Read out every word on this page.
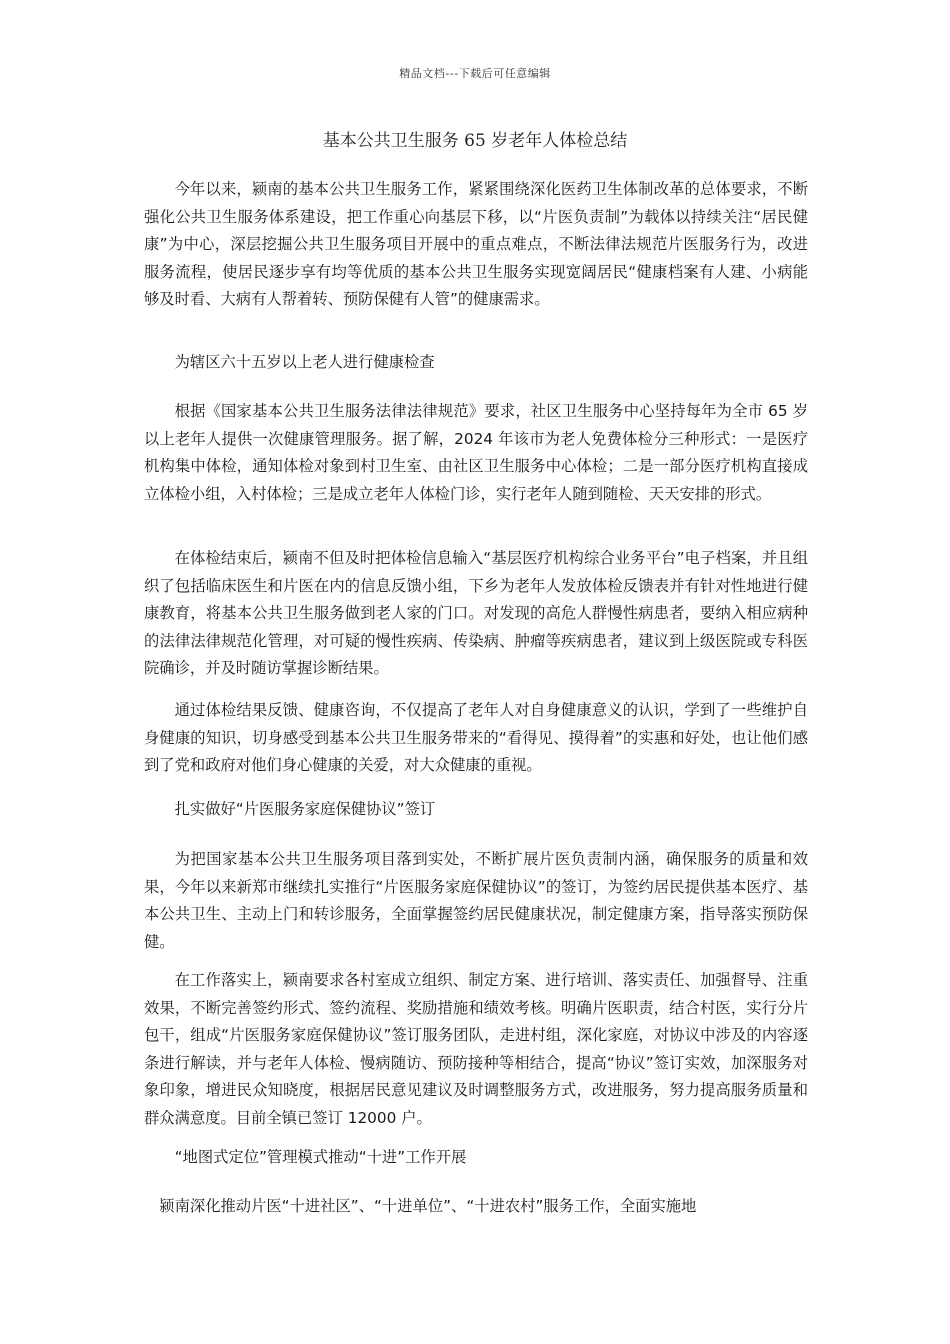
精品文档---下载后可任意编辑
基本公共卫生服务 65 岁老年人体检总结

今年以来，颍南的基本公共卫生服务工作，紧紧围绕深化医药卫生体制改革的总体要求，不断强化公共卫生服务体系建设，把工作重心向基层下移，以“片医负责制”为载体以持续关注“居民健康”为中心，深层挖掘公共卫生服务项目开展中的重点难点，不断法律法规范片医服务行为，改进服务流程，使居民逐步享有均等优质的基本公共卫生服务实现宽阔居民“健康档案有人建、小病能够及时看、大病有人帮着转、预防保健有人管”的健康需求。

为辖区六十五岁以上老人进行健康检查

根据《国家基本公共卫生服务法律法律规范》要求，社区卫生服务中心坚持每年为全市 65 岁以上老年人提供一次健康管理服务。据了解，2024 年该市为老人免费体检分三种形式：一是医疗机构集中体检，通知体检对象到村卫生室、由社区卫生服务中心体检；二是一部分医疗机构直接成立体检小组，入村体检；三是成立老年人体检门诊，实行老年人随到随检、天天安排的形式。

在体检结束后，颍南不但及时把体检信息输入“基层医疗机构综合业务平台”电子档案，并且组织了包括临床医生和片医在内的信息反馈小组，下乡为老年人发放体检反馈表并有针对性地进行健康教育，将基本公共卫生服务做到老人家的门口。对发现的高危人群慢性病患者，要纳入相应病种的法律法律规范化管理，对可疑的慢性疾病、传染病、肿瘤等疾病患者，建议到上级医院或专科医院确诊，并及时随访掌握诊断结果。

通过体检结果反馈、健康咨询，不仅提高了老年人对自身健康意义的认识，学到了一些维护自身健康的知识，切身感受到基本公共卫生服务带来的“看得见、摸得着”的实惠和好处，也让他们感到了党和政府对他们身心健康的关爱，对大众健康的重视。

扎实做好“片医服务家庭保健协议”签订

为把国家基本公共卫生服务项目落到实处，不断扩展片医负责制内涵，确保服务的质量和效果，今年以来新郑市继续扎实推行“片医服务家庭保健协议”的签订，为签约居民提供基本医疗、基本公共卫生、主动上门和转诊服务，全面掌握签约居民健康状况，制定健康方案，指导落实预防保健。

在工作落实上，颍南要求各村室成立组织、制定方案、进行培训、落实责任、加强督导、注重效果，不断完善签约形式、签约流程、奖励措施和绩效考核。明确片医职责，结合村医，实行分片包干，组成“片医服务家庭保健协议”签订服务团队，走进村组，深化家庭，对协议中涉及的内容逐条进行解读，并与老年人体检、慢病随访、预防接种等相结合，提高“协议”签订实效，加深服务对象印象，增进民众知晓度，根据居民意见建议及时调整服务方式，改进服务，努力提高服务质量和群众满意度。目前全镇已签订 12000 户。

“地图式定位”管理模式推动“十进”工作开展

颍南深化推动片医“十进社区”、“十进单位”、“十进农村”服务工作，全面实施地
